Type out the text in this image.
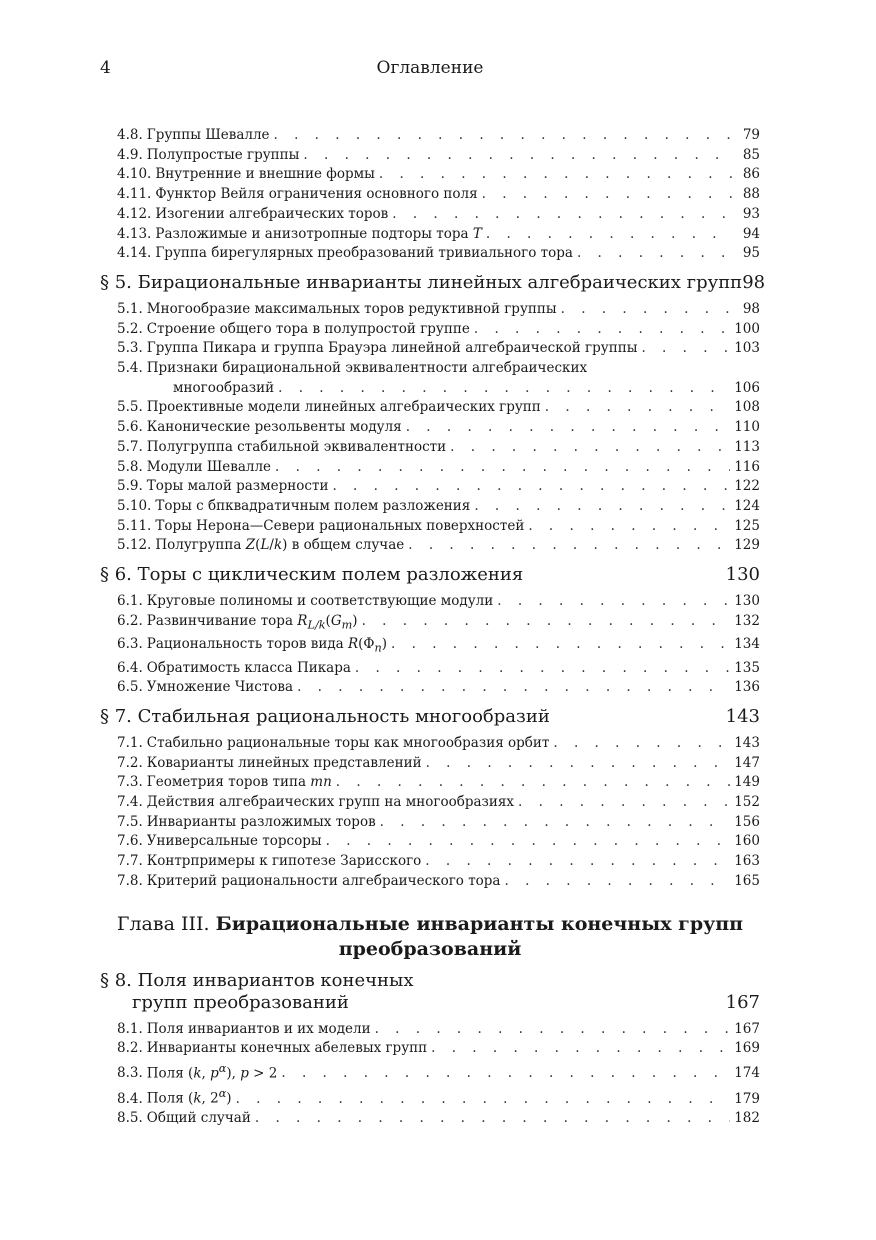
4	Оглавление
4.8. Группы Шевалле . . .	79
4.9. Полупростые группы . . .	85
4.10. Внутренние и внешние формы . . .	86
4.11. Функтор Вейля ограничения основного поля . . .	88
4.12. Изогении алгебраических торов . . .	93
4.13. Разложимые и анизотропные подторы тора T . . .	94
4.14. Группа бирегулярных преобразований тривиального тора . . .	95
§ 5. Бирациональные инварианты линейных алгебраических групп 98
5.1. Многообразие максимальных торов редуктивной группы . . .	98
5.2. Строение общего тора в полупростой группе . . .	100
5.3. Группа Пикара и группа Брауэра линейной алгебраической группы . . .	103
5.4. Признаки бирациональной эквивалентности алгебраических
многообразий . . .	106
5.5. Проективные модели линейных алгебраических групп . . .	108
5.6. Канонические резольвенты модуля . . .	110
5.7. Полугруппа стабильной эквивалентности . . .	113
5.8. Модули Шевалле . . .	116
5.9. Торы малой размерности . . .	122
5.10. Торы с бпквадратичным полем разложения . . .	124
5.11. Торы Нерона—Севери рациональных поверхностей . . .	125
5.12. Полугруппа Z(L/k) в общем случае . . .	129
§ 6. Торы с циклическим полем разложения	130
6.1. Круговые полиномы и соответствующие модули . . .	130
6.2. Развинчивание тора $R_{L/k}(G_m)$ . . .	132
6.3. Рациональность торов вида $R(\Phi_n)$ . . .	134
6.4. Обратимость класса Пикара . . .	135
6.5. Умножение Чистова . . .	136
§ 7. Стабильная рациональность многообразий	143
7.1. Стабильно рациональные торы как многообразия орбит . . .	143
7.2. Коварианты линейных представлений . . .	147
7.3. Геометрия торов типа mn . . .	149
7.4. Действия алгебраических групп на многообразиях . . .	152
7.5. Инварианты разложимых торов . . .	156
7.6. Универсальные торсоры . . .	160
7.7. Контрпримеры к гипотезе Зарисского . . .	163
7.8. Критерий рациональности алгебраического тора . . .	165
Глава III. Бирациональные инварианты конечных групп
преобразований
§ 8. Поля инвариантов конечных
групп преобразований	167
8.1. Поля инвариантов и их модели . . .	167
8.2. Инварианты конечных абелевых групп . . .	169
8.3. Поля (k, $p^\alpha$), p > 2 . . .	174
8.4. Поля (k, $2^\alpha$) . . .	179
8.5. Общий случай . . .	182
